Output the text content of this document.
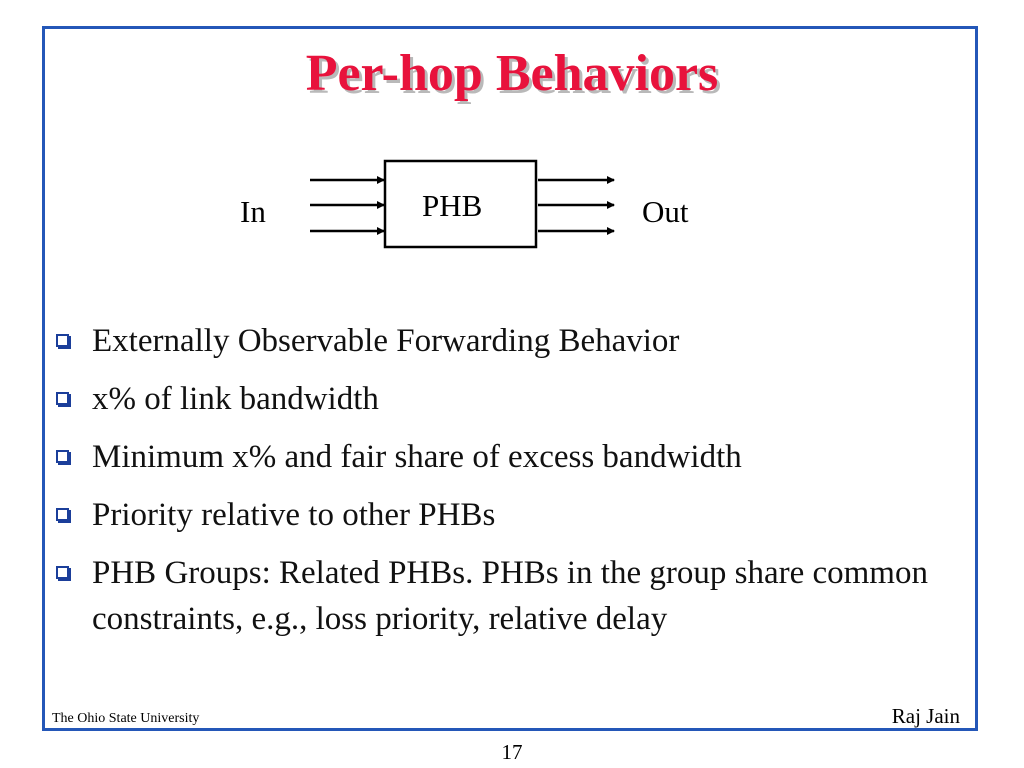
Per-hop Behaviors
PHB
In	Out
Externally Observable Forwarding Behavior
x% of link bandwidth
Minimum x% and fair share of excess bandwidth
Priority relative to other PHBs
PHB Groups: Related PHBs. PHBs in the group share common constraints, e.g., loss priority, relative delay
The Ohio State University	Raj Jain
17
